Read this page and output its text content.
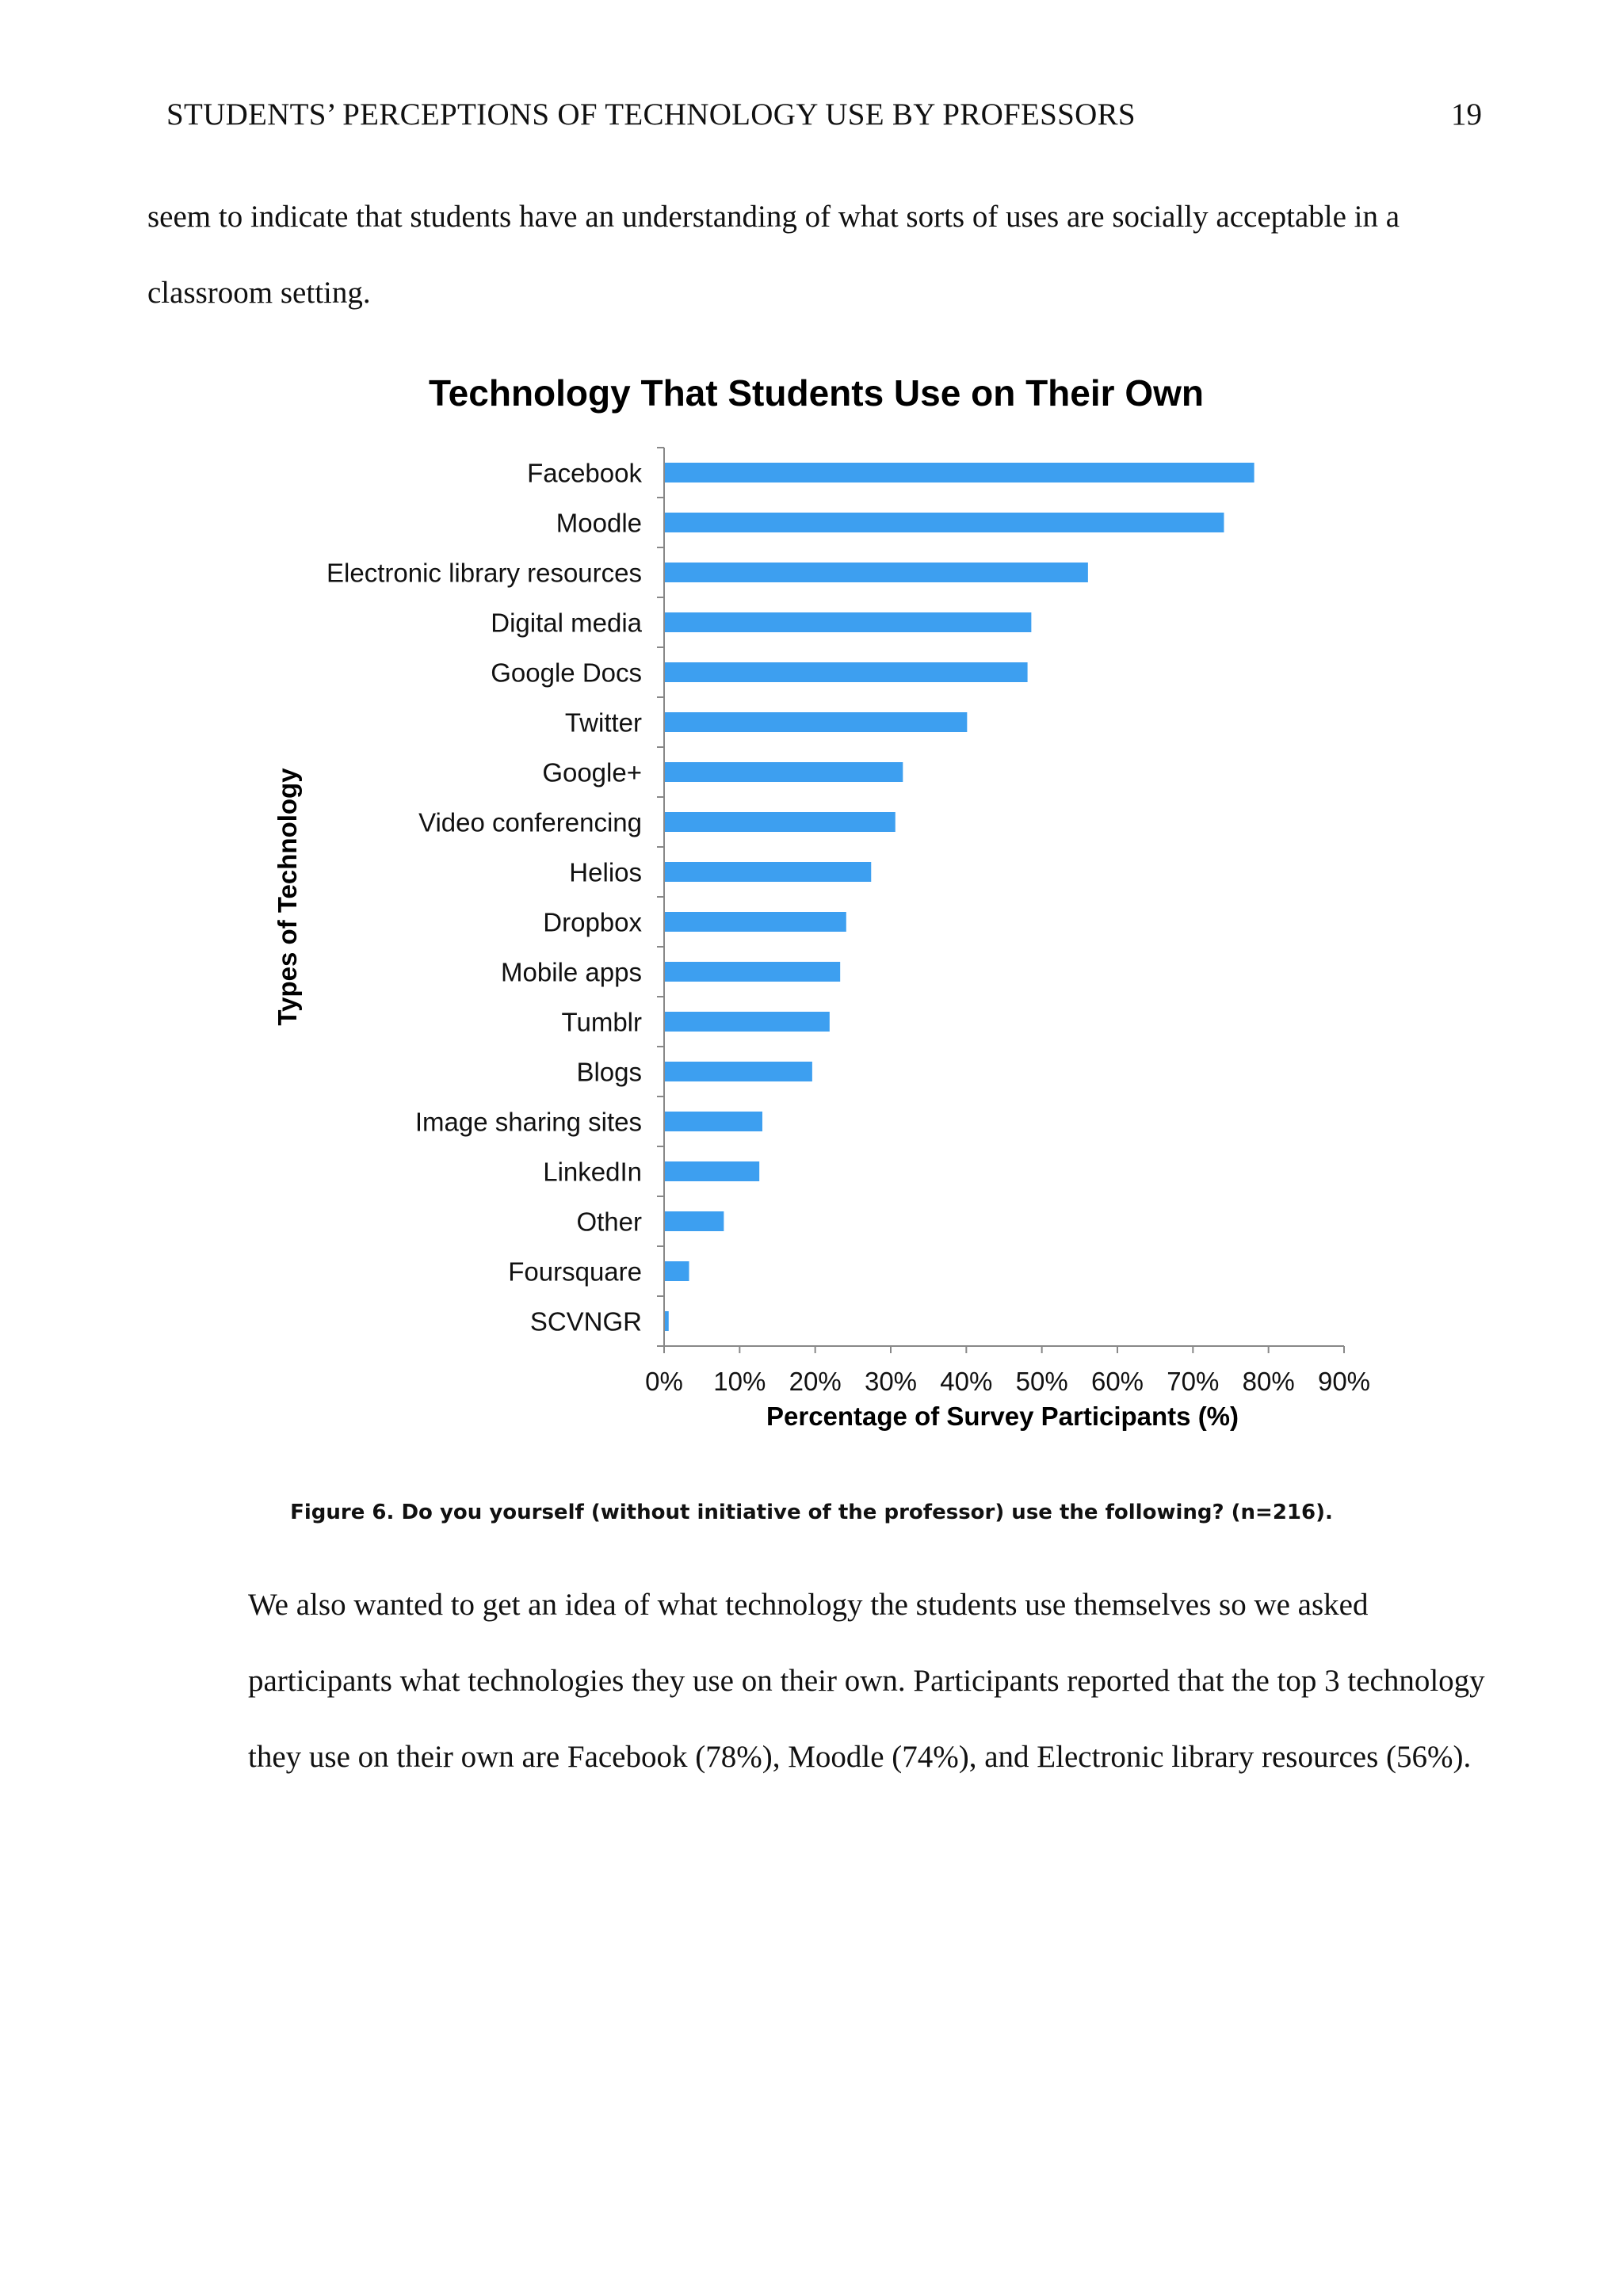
STUDENTS’ PERCEPTIONS OF TECHNOLOGY USE BY PROFESSORS	19
seem to indicate that students have an understanding of what sorts of uses are socially acceptable in a
classroom setting.
Technology That Students Use on Their Own
Types of Technology
Percentage of Survey Participants (%)
Facebook
Moodle
Electronic library resources
Digital media
Google Docs
Twitter
Google+
Video conferencing
Helios
Dropbox
Mobile apps
Tumblr
Blogs
Image sharing sites
LinkedIn
Other
Foursquare
SCVNGR
0% 10% 20% 30% 40% 50% 60% 70% 80% 90%
Figure 6. Do you yourself (without initiative of the professor) use the following? (n=216).
We also wanted to get an idea of what technology the students use themselves so we asked
participants what technologies they use on their own. Participants reported that the top 3 technology
they use on their own are Facebook (78%), Moodle (74%), and Electronic library resources (56%).
